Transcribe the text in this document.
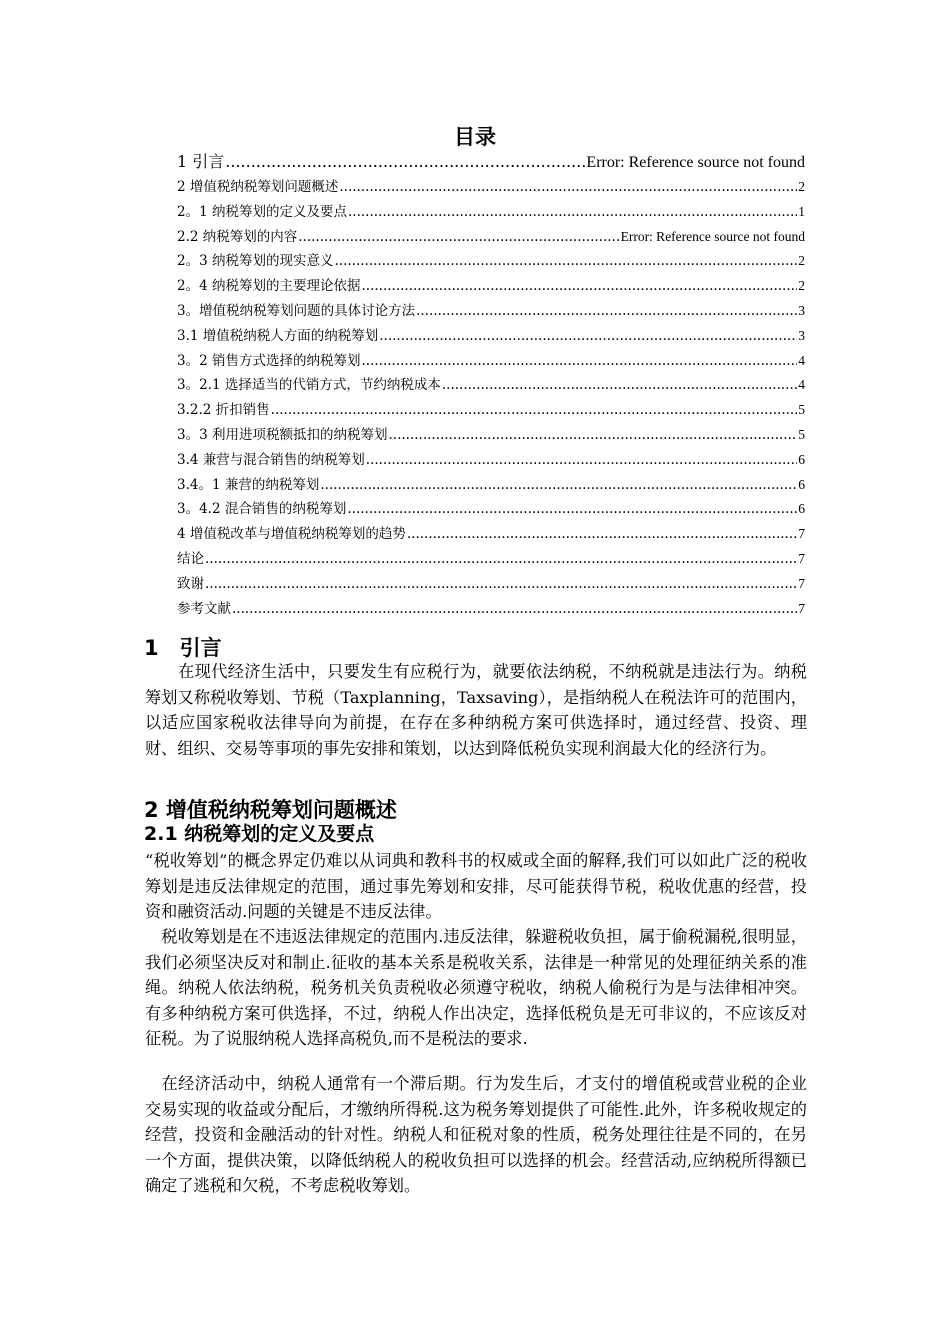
目录
1 引言 .....	Error: Reference source not found
2 增值税纳税筹划问题概述 .....	2
2。1 纳税筹划的定义及要点 .....	1
2.2 纳税筹划的内容 .....	Error: Reference source not found
2。3 纳税筹划的现实意义 .....	2
2。4 纳税筹划的主要理论依据 .....	2
3。增值税纳税筹划问题的具体讨论方法 .....	3
3.1 增值税纳税人方面的纳税筹划 .....	3
3。2 销售方式选择的纳税筹划 .....	4
3。2.1 选择适当的代销方式，节约纳税成本 .....	4
3.2.2 折扣销售 .....	5
3。3 利用进项税额抵扣的纳税筹划 .....	5
3.4 兼营与混合销售的纳税筹划 .....	6
3.4。1 兼营的纳税筹划 .....	6
3。4.2 混合销售的纳税筹划 .....	6
4 增值税改革与增值税纳税筹划的趋势 .....	7
结论 .....	7
致谢 .....	7
参考文献 .....	7
1　引言
　　在现代经济生活中，只要发生有应税行为，就要依法纳税，不纳税就是违法行为。纳税筹划又称税收筹划、节税（Taxplanning，Taxsaving），是指纳税人在税法许可的范围内，以适应国家税收法律导向为前提，在存在多种纳税方案可供选择时，通过经营、投资、理财、组织、交易等事项的事先安排和策划，以达到降低税负实现利润最大化的经济行为。
2 增值税纳税筹划问题概述
2.1 纳税筹划的定义及要点
“税收筹划”的概念界定仍难以从词典和教科书的权威或全面的解释,我们可以如此广泛的税收筹划是违反法律规定的范围，通过事先筹划和安排，尽可能获得节税，税收优惠的经营，投资和融资活动.问题的关键是不违反法律。
　税收筹划是在不违返法律规定的范围内.违反法律，躲避税收负担，属于偷税漏税,很明显，我们必须坚决反对和制止.征收的基本关系是税收关系，法律是一种常见的处理征纳关系的准绳。纳税人依法纳税，税务机关负责税收必须遵守税收，纳税人偷税行为是与法律相冲突。有多种纳税方案可供选择，不过，纳税人作出决定，选择低税负是无可非议的，不应该反对征税。为了说服纳税人选择高税负,而不是税法的要求.
　在经济活动中，纳税人通常有一个滞后期。行为发生后，才支付的增值税或营业税的企业交易实现的收益或分配后，才缴纳所得税.这为税务筹划提供了可能性.此外，许多税收规定的经营，投资和金融活动的针对性。纳税人和征税对象的性质，税务处理往往是不同的，在另一个方面，提供决策，以降低纳税人的税收负担可以选择的机会。经营活动,应纳税所得额已确定了逃税和欠税，不考虑税收筹划。
